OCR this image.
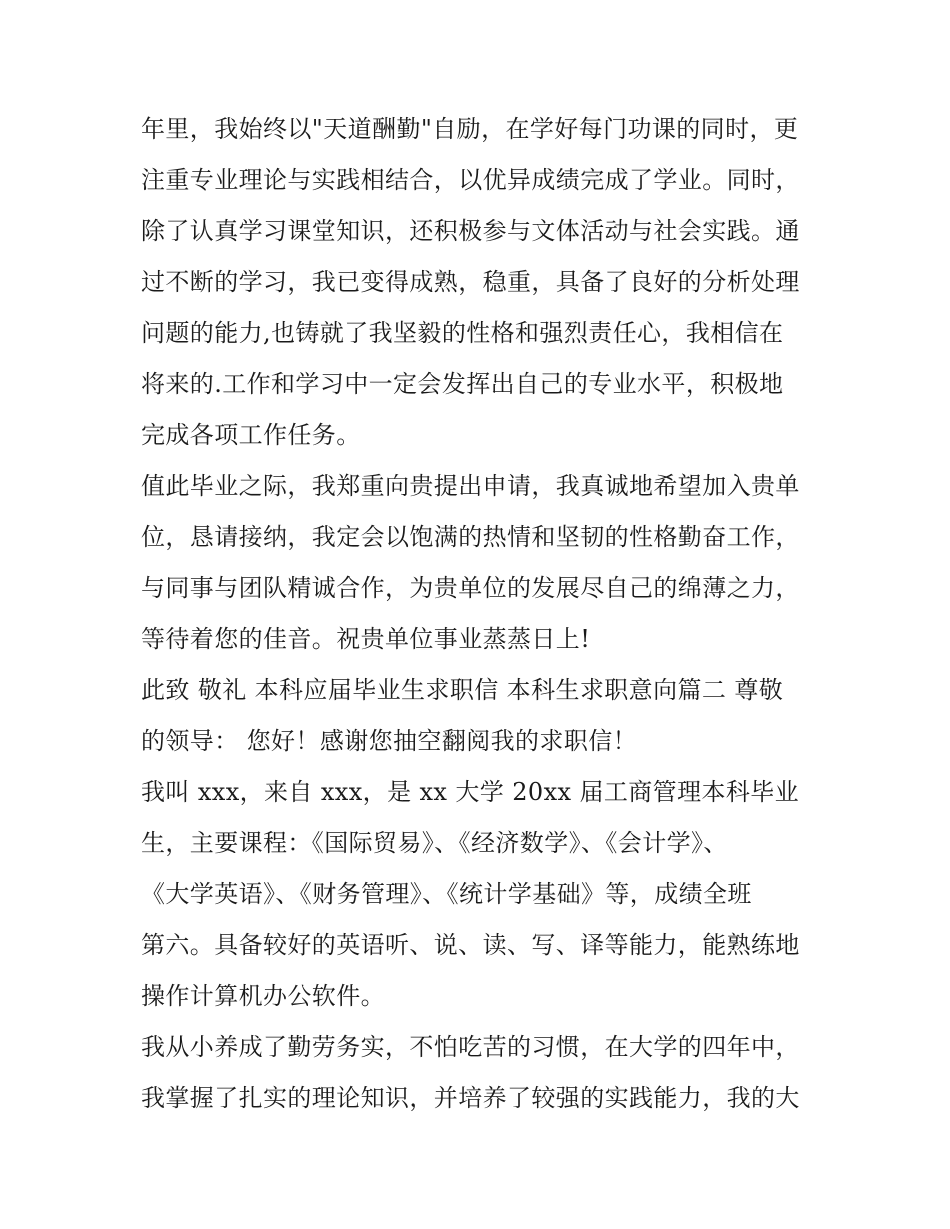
年里，我始终以"天道酬勤"自励，在学好每门功课的同时，更
注重专业理论与实践相结合，以优异成绩完成了学业。同时，
除了认真学习课堂知识，还积极参与文体活动与社会实践。通
过不断的学习，我已变得成熟，稳重，具备了良好的分析处理
问题的能力,也铸就了我坚毅的性格和强烈责任心，我相信在
将来的.工作和学习中一定会发挥出自己的专业水平，积极地
完成各项工作任务。
值此毕业之际，我郑重向贵提出申请，我真诚地希望加入贵单
位，恳请接纳，我定会以饱满的热情和坚韧的性格勤奋工作，
与同事与团队精诚合作，为贵单位的发展尽自己的绵薄之力，
等待着您的佳音。祝贵单位事业蒸蒸日上!
此致 敬礼 本科应届毕业生求职信 本科生求职意向篇二 尊敬
的领导： 您好！感谢您抽空翻阅我的求职信！
我叫 xxx，来自 xxx，是 xx 大学 20xx 届工商管理本科毕业
生，主要课程：《国际贸易》、《经济数学》、《会计学》、
《大学英语》、《财务管理》、《统计学基础》等，成绩全班
第六。具备较好的英语听、说、读、写、译等能力，能熟练地
操作计算机办公软件。
我从小养成了勤劳务实，不怕吃苦的习惯，在大学的四年中，
我掌握了扎实的理论知识，并培养了较强的实践能力，我的大
